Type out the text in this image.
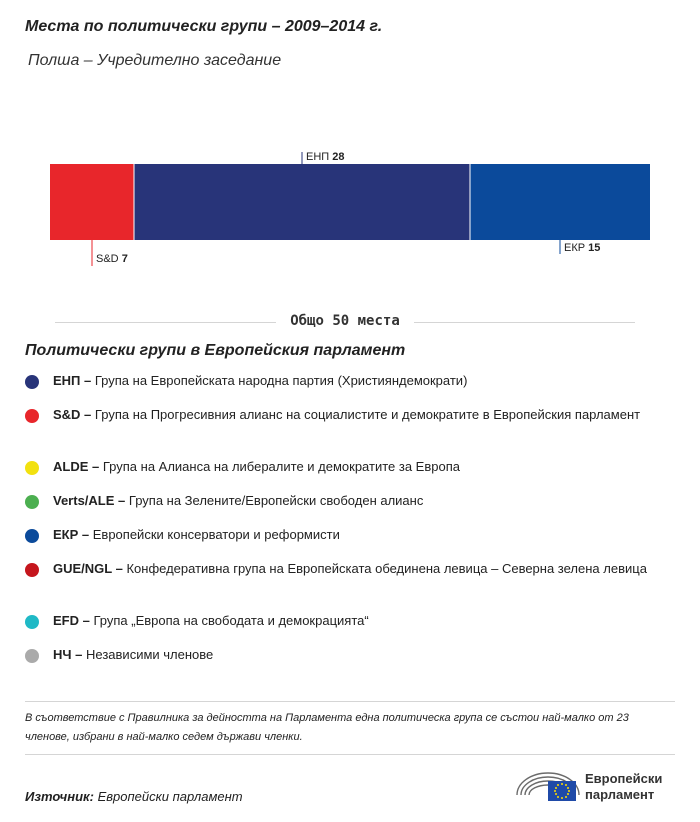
Места по политически групи – 2009–2014 г.
Полша – Учредително заседание
S&D 7
ЕНП 28
ЕКР 15
Общо 50 места
Политически групи в Европейския парламент
ЕНП – Група на Европейската народна партия (Християндемократи)
S&D – Група на Прогресивния алианс на социалистите и демократите в Европейския парламент
ALDE – Група на Алианса на либералите и демократите за Европа
Verts/ALE – Група на Зелените/Европейски свободен алианс
ЕКР – Европейски консерватори и реформисти
GUE/NGL – Конфедеративна група на Европейската обединена левица – Северна зелена левица
EFD – Група „Европа на свободата и демокрацията“
НЧ – Независими членове
В съответствие с Правилника за дейността на Парламента една политическа група се състои най-малко от 23 членове, избрани в най-малко седем държави членки.
Източник: Европейски парламент
Европейски
парламент
